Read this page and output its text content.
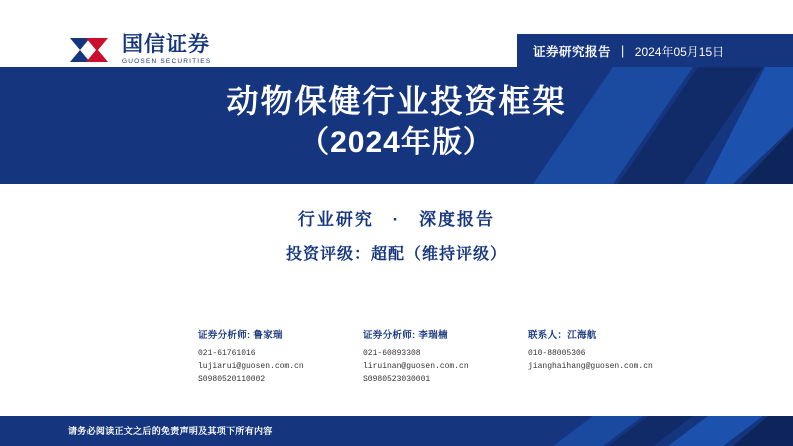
国信证券
GUOSEN SECURITIES
证券研究报告 | 2024年05月15日
动物保健行业投资框架
（2024年版）
行业研究 · 深度报告
投资评级：超配（维持评级）
证券分析师: 鲁家瑞
021-61761016
lujiarui@guosen.com.cn
S0980520110002
证券分析师: 李瑞楠
021-60893308
liruinan@guosen.com.cn
S0980523030001
联系人：江海航
010-88005306
jianghaihang@guosen.com.cn
请务必阅读正文之后的免责声明及其项下所有内容
